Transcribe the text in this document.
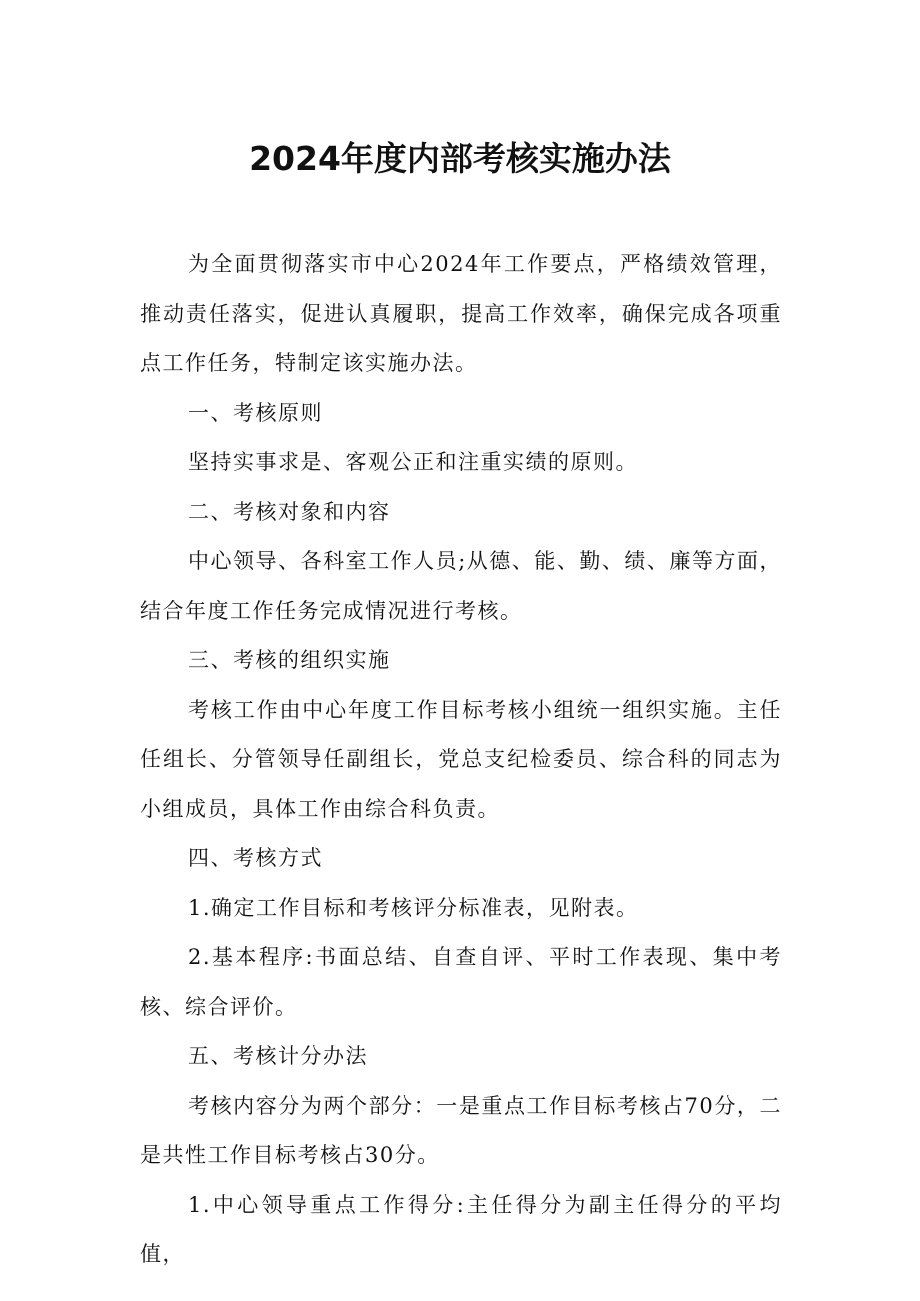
2024年度内部考核实施办法

为全面贯彻落实市中心2024年工作要点，严格绩效管理，推动责任落实，促进认真履职，提高工作效率，确保完成各项重点工作任务，特制定该实施办法。

一、考核原则

坚持实事求是、客观公正和注重实绩的原则。

二、考核对象和内容

中心领导、各科室工作人员;从德、能、勤、绩、廉等方面，结合年度工作任务完成情况进行考核。

三、考核的组织实施

考核工作由中心年度工作目标考核小组统一组织实施。主任任组长、分管领导任副组长，党总支纪检委员、综合科的同志为小组成员，具体工作由综合科负责。

四、考核方式

1.确定工作目标和考核评分标准表，见附表。

2.基本程序:书面总结、自查自评、平时工作表现、集中考核、综合评价。

五、考核计分办法

考核内容分为两个部分：一是重点工作目标考核占70分，二是共性工作目标考核占30分。

1.中心领导重点工作得分:主任得分为副主任得分的平均值，
